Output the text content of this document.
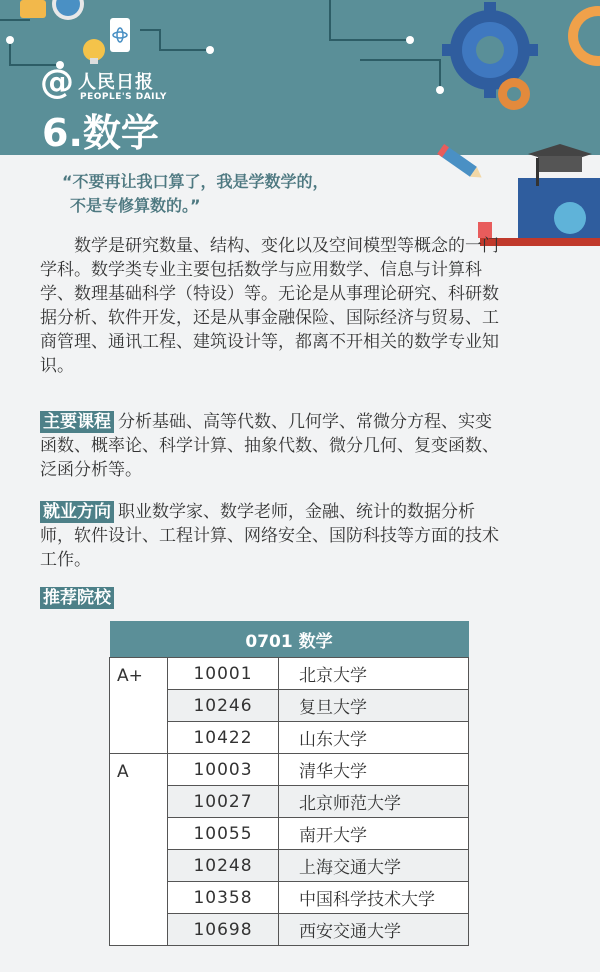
@ 人民日报
PEOPLE'S DAILY
6.数学
“不要再让我口算了，我是学数学的，
不是专修算数的。”

数学是研究数量、结构、变化以及空间模型等概念的一门学科。数学类专业主要包括数学与应用数学、信息与计算科学、数理基础科学（特设）等。无论是从事理论研究、科研数据分析、软件开发，还是从事金融保险、国际经济与贸易、工商管理、通讯工程、建筑设计等，都离不开相关的数学专业知识。

主要课程 分析基础、高等代数、几何学、常微分方程、实变函数、概率论、科学计算、抽象代数、微分几何、复变函数、泛函分析等。
就业方向 职业数学家、数学老师，金融、统计的数据分析师，软件设计、工程计算、网络安全、国防科技等方面的技术工作。
推荐院校
0701 数学		
A+	10001	北京大学
	10246	复旦大学
	10422	山东大学
A	10003	清华大学
	10027	北京师范大学
	10055	南开大学
	10248	上海交通大学
	10358	中国科学技术大学
	10698	西安交通大学
